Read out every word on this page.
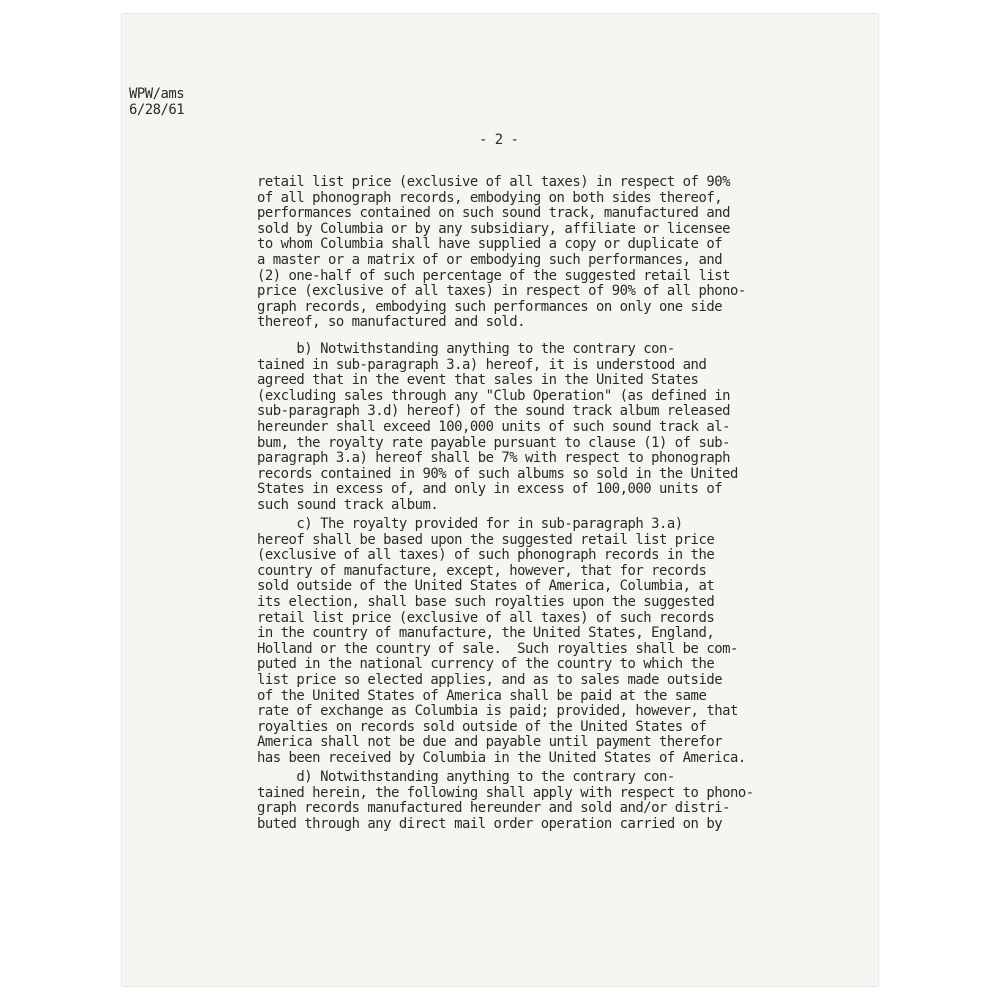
WPW/ams
6/28/61
- 2 -
retail list price (exclusive of all taxes) in respect of 90%
of all phonograph records, embodying on both sides thereof,
performances contained on such sound track, manufactured and
sold by Columbia or by any subsidiary, affiliate or licensee
to whom Columbia shall have supplied a copy or duplicate of
a master or a matrix of or embodying such performances, and
(2) one-half of such percentage of the suggested retail list
price (exclusive of all taxes) in respect of 90% of all phono-
graph records, embodying such performances on only one side
thereof, so manufactured and sold.
b) Notwithstanding anything to the contrary con-
tained in sub-paragraph 3.a) hereof, it is understood and
agreed that in the event that sales in the United States
(excluding sales through any "Club Operation" (as defined in
sub-paragraph 3.d) hereof) of the sound track album released
hereunder shall exceed 100,000 units of such sound track al-
bum, the royalty rate payable pursuant to clause (1) of sub-
paragraph 3.a) hereof shall be 7% with respect to phonograph
records contained in 90% of such albums so sold in the United
States in excess of, and only in excess of 100,000 units of
such sound track album.
c) The royalty provided for in sub-paragraph 3.a)
hereof shall be based upon the suggested retail list price
(exclusive of all taxes) of such phonograph records in the
country of manufacture, except, however, that for records
sold outside of the United States of America, Columbia, at
its election, shall base such royalties upon the suggested
retail list price (exclusive of all taxes) of such records
in the country of manufacture, the United States, England,
Holland or the country of sale.  Such royalties shall be com-
puted in the national currency of the country to which the
list price so elected applies, and as to sales made outside
of the United States of America shall be paid at the same
rate of exchange as Columbia is paid; provided, however, that
royalties on records sold outside of the United States of
America shall not be due and payable until payment therefor
has been received by Columbia in the United States of America.
d) Notwithstanding anything to the contrary con-
tained herein, the following shall apply with respect to phono-
graph records manufactured hereunder and sold and/or distri-
buted through any direct mail order operation carried on by
